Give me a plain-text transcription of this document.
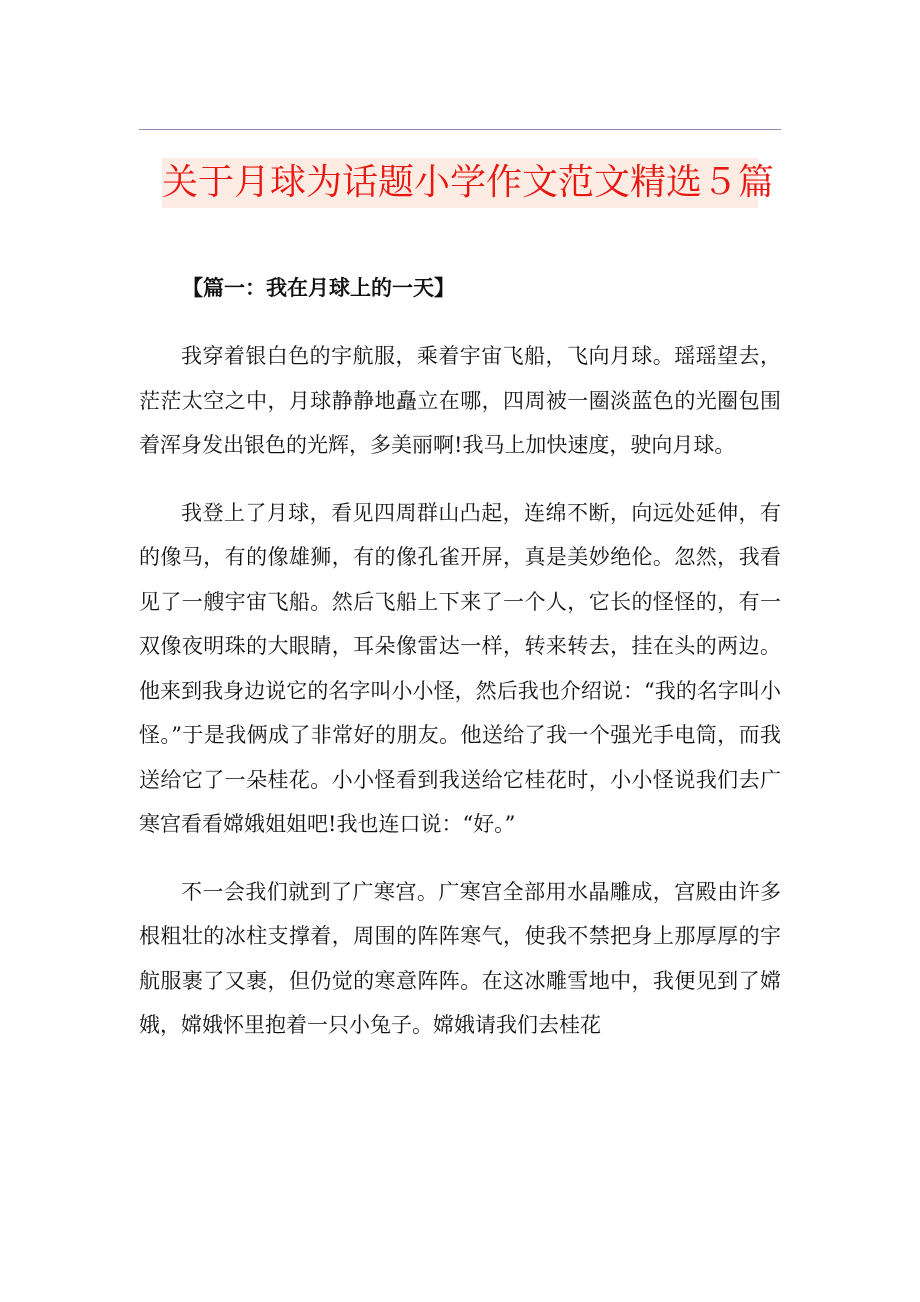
关于月球为话题小学作文范文精选５篇

【篇一：我在月球上的一天】

我穿着银白色的宇航服，乘着宇宙飞船，飞向月球。瑶瑶望去，茫茫太空之中，月球静静地矗立在哪，四周被一圈淡蓝色的光圈包围着浑身发出银色的光辉，多美丽啊!我马上加快速度，驶向月球。

我登上了月球，看见四周群山凸起，连绵不断，向远处延伸，有的像马，有的像雄狮，有的像孔雀开屏，真是美妙绝伦。忽然，我看见了一艘宇宙飞船。然后飞船上下来了一个人，它长的怪怪的，有一双像夜明珠的大眼睛，耳朵像雷达一样，转来转去，挂在头的两边。他来到我身边说它的名字叫小小怪，然后我也介绍说：“我的名字叫小怪。”于是我俩成了非常好的朋友。他送给了我一个强光手电筒，而我送给它了一朵桂花。小小怪看到我送给它桂花时，小小怪说我们去广寒宫看看嫦娥姐姐吧!我也连口说：“好。”

不一会我们就到了广寒宫。广寒宫全部用水晶雕成，宫殿由许多根粗壮的冰柱支撑着，周围的阵阵寒气，使我不禁把身上那厚厚的宇航服裹了又裹，但仍觉的寒意阵阵。在这冰雕雪地中，我便见到了嫦娥，嫦娥怀里抱着一只小兔子。嫦娥请我们去桂花
